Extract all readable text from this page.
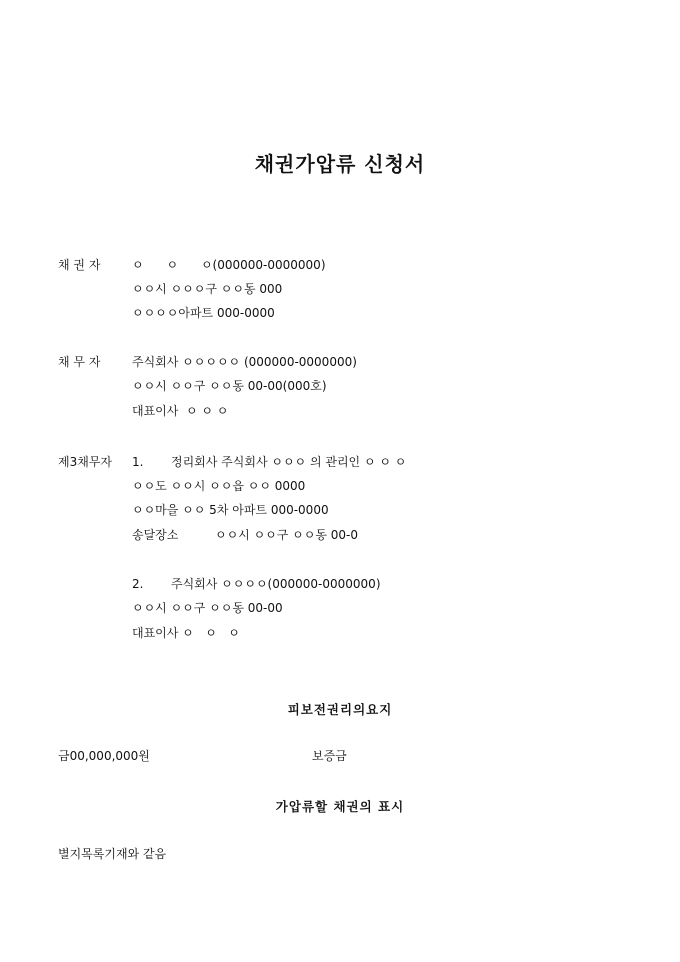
채권가압류 신청서
채 권 자	ㅇ      ㅇ      ㅇ(000000-0000000)
ㅇㅇ시 ㅇㅇㅇ구 ㅇㅇ동 000
ㅇㅇㅇㅇ아파트 000-0000
채 무 자	주식회사 ㅇㅇㅇㅇㅇ (000000-0000000)
ㅇㅇ시 ㅇㅇ구 ㅇㅇ동 00-00(000호)
대표이사  ㅇ ㅇ ㅇ
제3채무자 1. 정리회사 주식회사 ㅇㅇㅇ 의 관리인 ㅇ ㅇ ㅇ
ㅇㅇ도 ㅇㅇ시 ㅇㅇ읍 ㅇㅇ 0000
ㅇㅇ마을 ㅇㅇ 5차 아파트 000-0000
송달장소	ㅇㅇ시 ㅇㅇ구 ㅇㅇ동 00-0
2. 주식회사 ㅇㅇㅇㅇ(000000-0000000)
ㅇㅇ시 ㅇㅇ구 ㅇㅇ동 00-00
대표이사 ㅇ   ㅇ   ㅇ
피보전권리의요지
금00,000,000원	보증금
가압류할 채권의 표시
별지목록기재와 같음
